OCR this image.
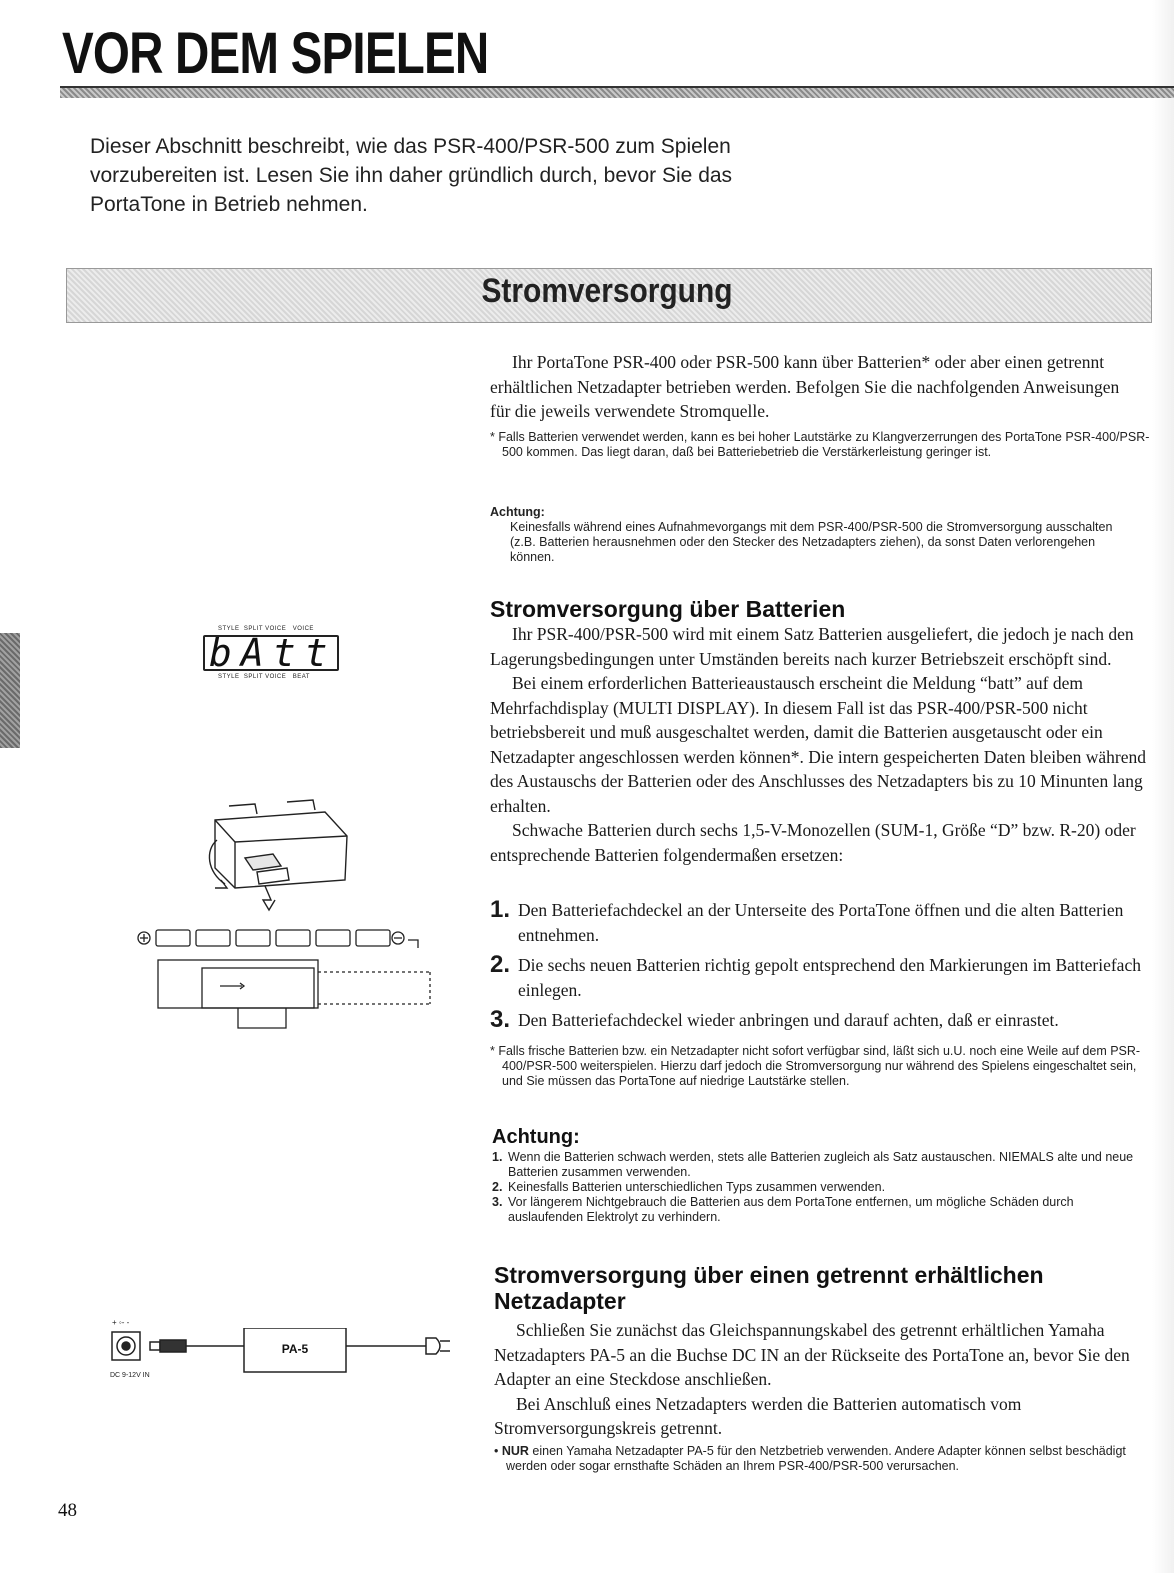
VOR DEM SPIELEN
Dieser Abschnitt beschreibt, wie das PSR-400/PSR-500 zum Spielen vorzubereiten ist. Lesen Sie ihn daher gründlich durch, bevor Sie das PortaTone in Betrieb nehmen.
Stromversorgung

Ihr PortaTone PSR-400 oder PSR-500 kann über Batterien* oder aber einen getrennt erhältlichen Netzadapter betrieben werden. Befolgen Sie die nachfolgenden Anweisungen für die jeweils verwendete Stromquelle.

* Falls Batterien verwendet werden, kann es bei hoher Lautstärke zu Klangverzerrungen des PortaTone PSR-400/PSR-500 kommen. Das liegt daran, daß bei Batteriebetrieb die Verstärkerleistung geringer ist.
Achtung:
Keinesfalls während eines Aufnahmevorgangs mit dem PSR-400/PSR-500 die Stromversorgung ausschalten (z.B. Batterien herausnehmen oder den Stecker des Netzadapters ziehen), da sonst Daten verlorengehen können.
Stromversorgung über Batterien

Ihr PSR-400/PSR-500 wird mit einem Satz Batterien ausgeliefert, die jedoch je nach den Lagerungsbedingungen unter Umständen bereits nach kurzer Betriebszeit erschöpft sind.

Bei einem erforderlichen Batterieaustausch erscheint die Meldung “batt” auf dem Mehrfachdisplay (MULTI DISPLAY). In diesem Fall ist das PSR-400/PSR-500 nicht betriebsbereit und muß ausgeschaltet werden, damit die Batterien ausgetauscht oder ein Netzadapter angeschlossen werden können*. Die intern gespeicherten Daten bleiben während des Austauschs der Batterien oder des Anschlusses des Netzadapters bis zu 10 Minunten lang erhalten.

Schwache Batterien durch sechs 1,5-V-Monozellen (SUM-1, Größe “D” bzw. R-20) oder entsprechende Batterien folgendermaßen ersetzen:

1. Den Batteriefachdeckel an der Unterseite des PortaTone öffnen und die alten Batterien entnehmen.
2. Die sechs neuen Batterien richtig gepolt entsprechend den Markierungen im Batteriefach einlegen.
3. Den Batteriefachdeckel wieder anbringen und darauf achten, daß er einrastet.
* Falls frische Batterien bzw. ein Netzadapter nicht sofort verfügbar sind, läßt sich u.U. noch eine Weile auf dem PSR-400/PSR-500 weiterspielen. Hierzu darf jedoch die Stromversorgung nur während des Spielens eingeschaltet sein, und Sie müssen das PortaTone auf niedrige Lautstärke stellen.
Achtung:
1. Wenn die Batterien schwach werden, stets alle Batterien zugleich als Satz austauschen. NIEMALS alte und neue Batterien zusammen verwenden.
2. Keinesfalls Batterien unterschiedlichen Typs zusammen verwenden.
3. Vor längerem Nichtgebrauch die Batterien aus dem PortaTone entfernen, um mögliche Schäden durch auslaufenden Elektrolyt zu verhindern.
Stromversorgung über einen getrennt erhältlichen Netzadapter

Schließen Sie zunächst das Gleichspannungskabel des getrennt erhältlichen Yamaha Netzadapters PA-5 an die Buchse DC IN an der Rückseite des PortaTone an, bevor Sie den Adapter an eine Steckdose anschließen.

Bei Anschluß eines Netzadapters werden die Batterien automatisch vom Stromversorgungskreis getrennt.

• NUR einen Yamaha Netzadapter PA-5 für den Netzbetrieb verwenden. Andere Adapter können selbst beschädigt werden oder sogar ernsthafte Schäden an Ihrem PSR-400/PSR-500 verursachen.
48
STYLE  SPLIT VOICE   VOICE
bAtt
STYLE  SPLIT VOICE   BEAT
+ ◦- -
PA-5
DC 9-12V IN
